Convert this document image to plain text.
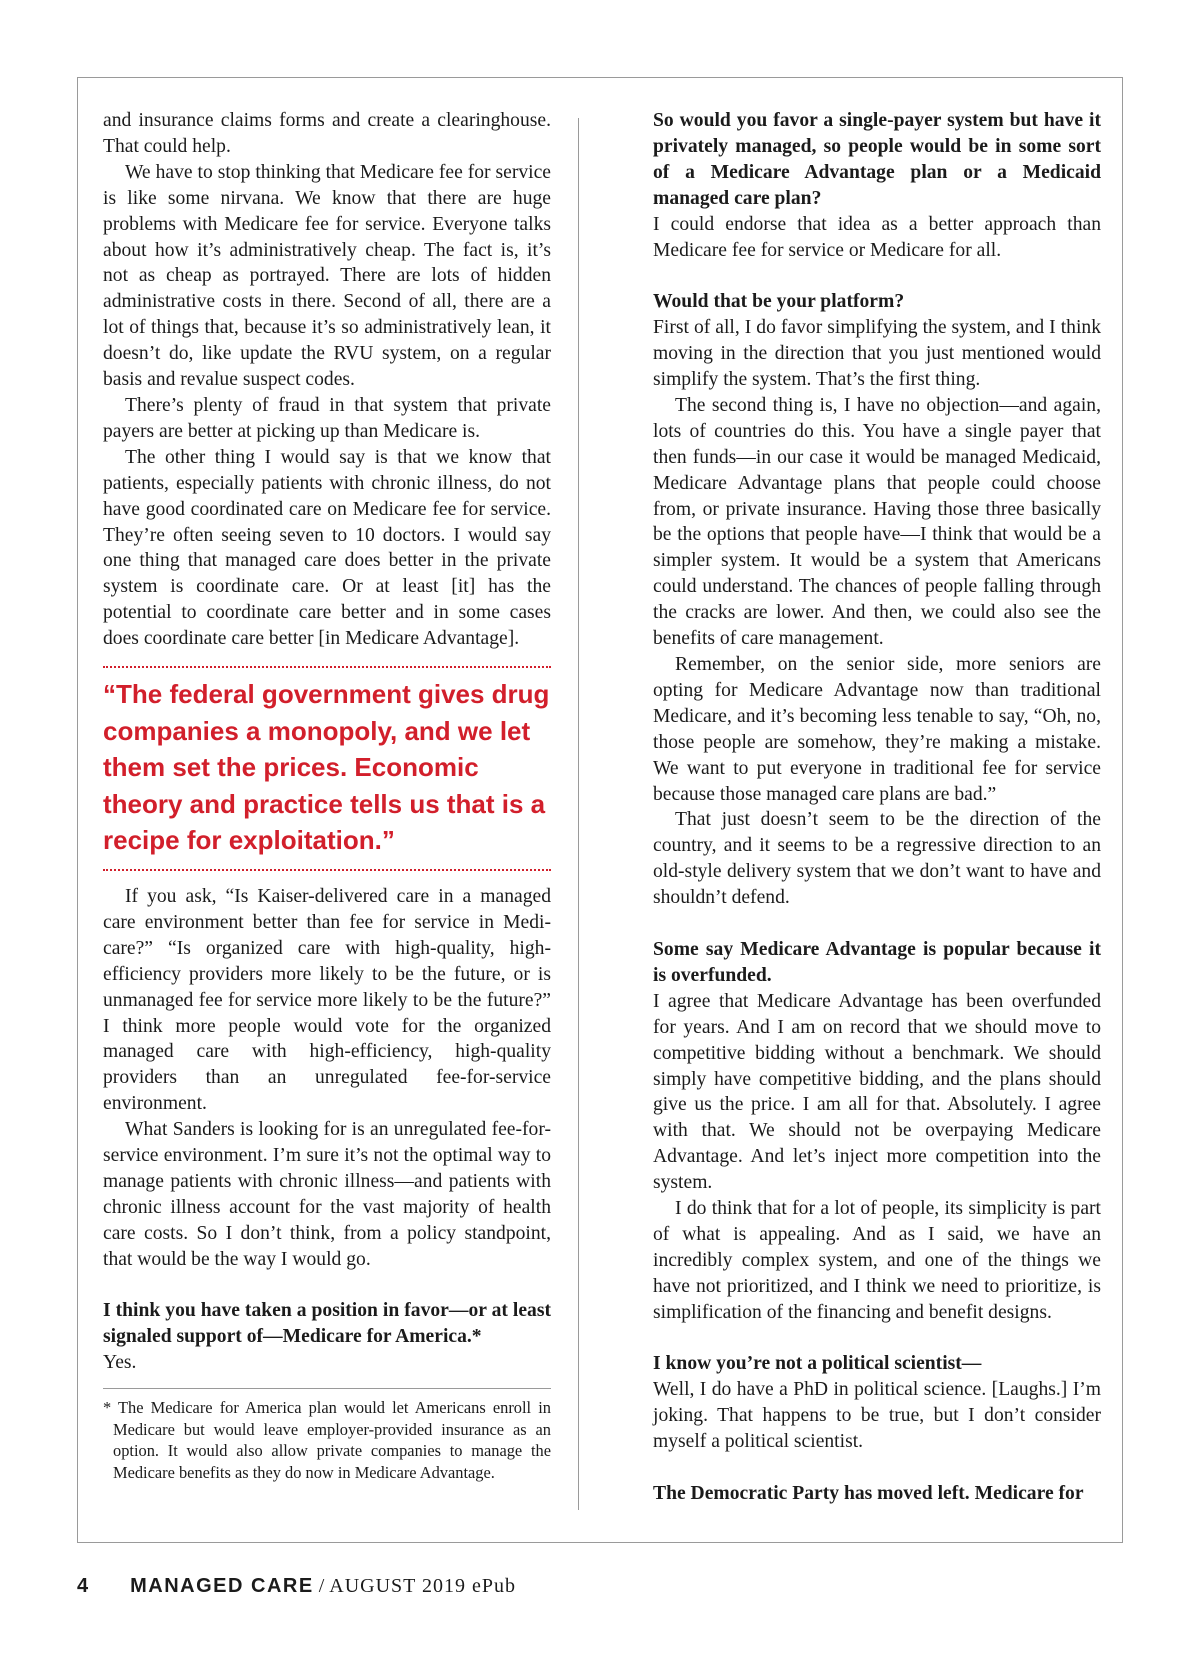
and insurance claims forms and create a clearinghouse. That could help.

We have to stop thinking that Medicare fee for service is like some nirvana. We know that there are huge problems with Medicare fee for service. Everyone talks about how it’s administratively cheap. The fact is, it’s not as cheap as portrayed. There are lots of hidden administrative costs in there. Second of all, there are a lot of things that, because it’s so administratively lean, it doesn’t do, like update the RVU system, on a regular basis and revalue suspect codes.

There’s plenty of fraud in that system that private payers are better at picking up than Medicare is.

The other thing I would say is that we know that patients, especially patients with chronic illness, do not have good coordinated care on Medicare fee for service. They’re often seeing seven to 10 doctors. I would say one thing that managed care does better in the private system is coordinate care. Or at least [it] has the potential to coordinate care better and in some cases does coordinate care better [in Medicare Advantage].

“The federal government gives drug companies a monopoly, and we let them set the prices. Economic theory and practice tells us that is a recipe for exploitation.”

If you ask, “Is Kaiser-delivered care in a managed care environment better than fee for service in Medicare?” “Is organized care with high-quality, high-efficiency providers more likely to be the future, or is unmanaged fee for service more likely to be the future?” I think more people would vote for the organized managed care with high-efficiency, high-quality providers than an unregulated fee-for-service environment.

What Sanders is looking for is an unregulated fee-for-service environment. I’m sure it’s not the optimal way to manage patients with chronic illness—and patients with chronic illness account for the vast majority of health care costs. So I don’t think, from a policy standpoint, that would be the way I would go.

I think you have taken a position in favor—or at least signaled support of—Medicare for America.*

Yes.

* The Medicare for America plan would let Americans enroll in Medicare but would leave employer-provided insurance as an option. It would also allow private companies to manage the Medicare benefits as they do now in Medicare Advantage.

So would you favor a single-payer system but have it privately managed, so people would be in some sort of a Medicare Advantage plan or a Medicaid managed care plan?

I could endorse that idea as a better approach than Medicare fee for service or Medicare for all.

Would that be your platform?

First of all, I do favor simplifying the system, and I think moving in the direction that you just mentioned would simplify the system. That’s the first thing.

The second thing is, I have no objection—and again, lots of countries do this. You have a single payer that then funds—in our case it would be managed Medicaid, Medicare Advantage plans that people could choose from, or private insurance. Having those three basically be the options that people have—I think that would be a simpler system. It would be a system that Americans could understand. The chances of people falling through the cracks are lower. And then, we could also see the benefits of care management.

Remember, on the senior side, more seniors are opting for Medicare Advantage now than traditional Medicare, and it’s becoming less tenable to say, “Oh, no, those people are somehow, they’re making a mistake. We want to put everyone in traditional fee for service because those managed care plans are bad.”

That just doesn’t seem to be the direction of the country, and it seems to be a regressive direction to an old-style delivery system that we don’t want to have and shouldn’t defend.

Some say Medicare Advantage is popular because it is overfunded.

I agree that Medicare Advantage has been overfunded for years. And I am on record that we should move to competitive bidding without a benchmark. We should simply have competitive bidding, and the plans should give us the price. I am all for that. Absolutely. I agree with that. We should not be overpaying Medicare Advantage. And let’s inject more competition into the system.

I do think that for a lot of people, its simplicity is part of what is appealing. And as I said, we have an incredibly complex system, and one of the things we have not prioritized, and I think we need to prioritize, is simplification of the financing and benefit designs.

I know you’re not a political scientist—

Well, I do have a PhD in political science. [Laughs.] I’m joking. That happens to be true, but I don’t consider myself a political scientist.

The Democratic Party has moved left. Medicare for

4 MANAGED CARE / AUGUST 2019 ePub
